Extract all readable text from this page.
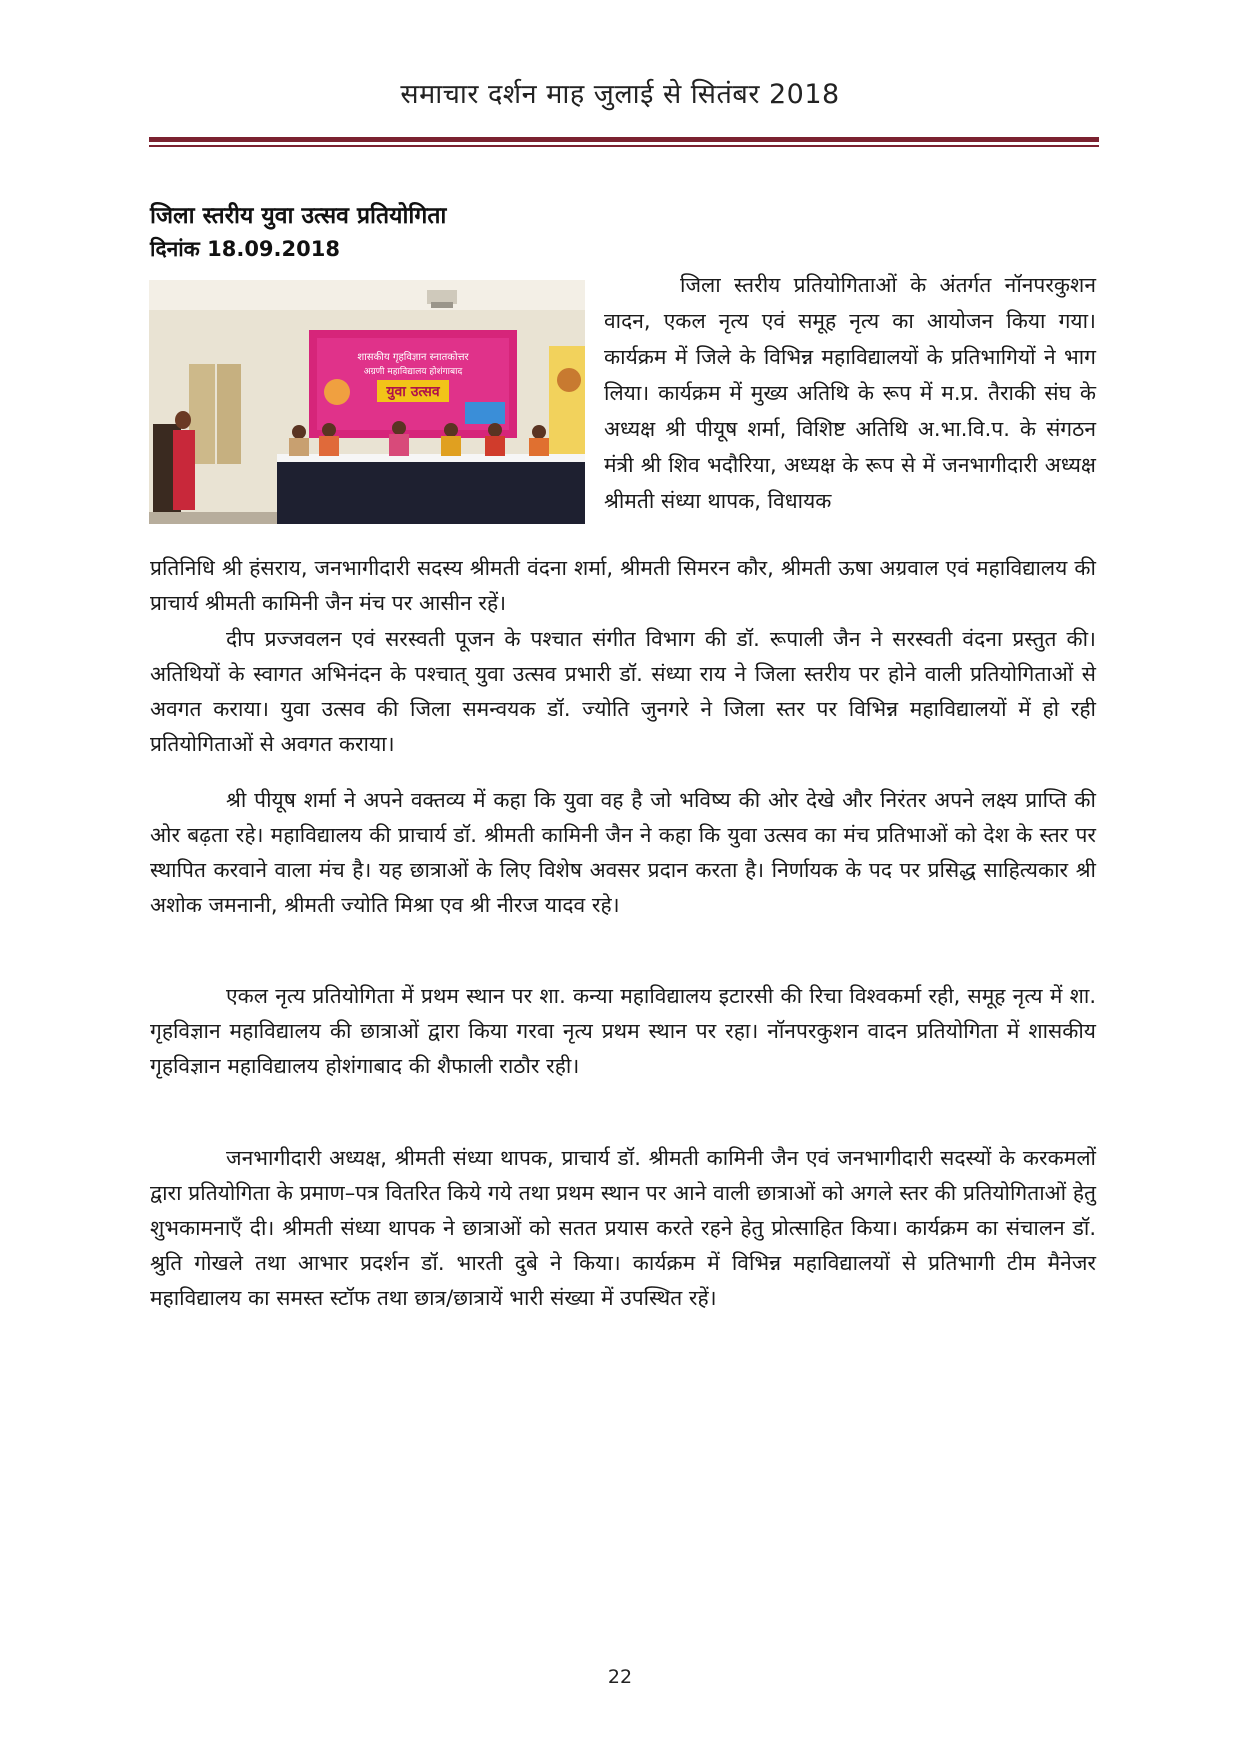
समाचार दर्शन माह जुलाई से सितंबर 2018
जिला स्तरीय युवा उत्सव प्रतियोगिता
दिनांक 18.09.2018
शासकीय गृहविज्ञान स्नातकोत्तर
अग्रणी महाविद्यालय होशंगाबाद
युवा उत्सव
जिला स्तरीय प्रतियोगिताओं के अंतर्गत नॉनपरकुशन वादन, एकल नृत्य एवं समूह नृत्य का आयोजन किया गया। कार्यक्रम में जिले के विभिन्न महाविद्यालयों के प्रतिभागियों ने भाग लिया। कार्यक्रम में मुख्य अतिथि के रूप में म.प्र. तैराकी संघ के अध्यक्ष श्री पीयूष शर्मा, विशिष्ट अतिथि अ.भा.वि.प. के संगठन मंत्री श्री शिव भदौरिया, अध्यक्ष के रूप से में जनभागीदारी अध्यक्ष श्रीमती संध्या थापक, विधायक
प्रतिनिधि श्री हंसराय, जनभागीदारी सदस्य श्रीमती वंदना शर्मा, श्रीमती सिमरन कौर, श्रीमती ऊषा अग्रवाल एवं महाविद्यालय की प्राचार्य श्रीमती कामिनी जैन मंच पर आसीन रहें।
दीप प्रज्जवलन एवं सरस्वती पूजन के पश्चात संगीत विभाग की डॉ. रूपाली जैन ने सरस्वती वंदना प्रस्तुत की। अतिथियों के स्वागत अभिनंदन के पश्चात् युवा उत्सव प्रभारी डॉ. संध्या राय ने जिला स्तरीय पर होने वाली प्रतियोगिताओं से अवगत कराया। युवा उत्सव की जिला समन्वयक डॉ. ज्योति जुनगरे ने जिला स्तर पर विभिन्न महाविद्यालयों में हो रही प्रतियोगिताओं से अवगत कराया।
श्री पीयूष शर्मा ने अपने वक्तव्य में कहा कि युवा वह है जो भविष्य की ओर देखे और निरंतर अपने लक्ष्य प्राप्ति की ओर बढ़ता रहे। महाविद्यालय की प्राचार्य डॉ. श्रीमती कामिनी जैन ने कहा कि युवा उत्सव का मंच प्रतिभाओं को देश के स्तर पर स्थापित करवाने वाला मंच है। यह छात्राओं के लिए विशेष अवसर प्रदान करता है। निर्णायक के पद पर प्रसिद्ध साहित्यकार श्री अशोक जमनानी, श्रीमती ज्योति मिश्रा एव श्री नीरज यादव रहे।
एकल नृत्य प्रतियोगिता में प्रथम स्थान पर शा. कन्या महाविद्यालय इटारसी की रिचा विश्वकर्मा रही, समूह नृत्य में शा. गृहविज्ञान महाविद्यालय की छात्राओं द्वारा किया गरवा नृत्य प्रथम स्थान पर रहा। नॉनपरकुशन वादन प्रतियोगिता में शासकीय गृहविज्ञान महाविद्यालय होशंगाबाद की शैफाली राठौर रही।
जनभागीदारी अध्यक्ष, श्रीमती संध्या थापक, प्राचार्य डॉ. श्रीमती कामिनी जैन एवं जनभागीदारी सदस्यों के करकमलों द्वारा प्रतियोगिता के प्रमाण–पत्र वितरित किये गये तथा प्रथम स्थान पर आने वाली छात्राओं को अगले स्तर की प्रतियोगिताओं हेतु शुभकामनाएँ दी। श्रीमती संध्या थापक ने छात्राओं को सतत प्रयास करते रहने हेतु प्रोत्साहित किया। कार्यक्रम का संचालन डॉ. श्रुति गोखले तथा आभार प्रदर्शन डॉ. भारती दुबे ने किया। कार्यक्रम में विभिन्न महाविद्यालयों से प्रतिभागी टीम मैनेजर महाविद्यालय का समस्त स्टॉफ तथा छात्र/छात्रायें भारी संख्या में उपस्थित रहें।
22
